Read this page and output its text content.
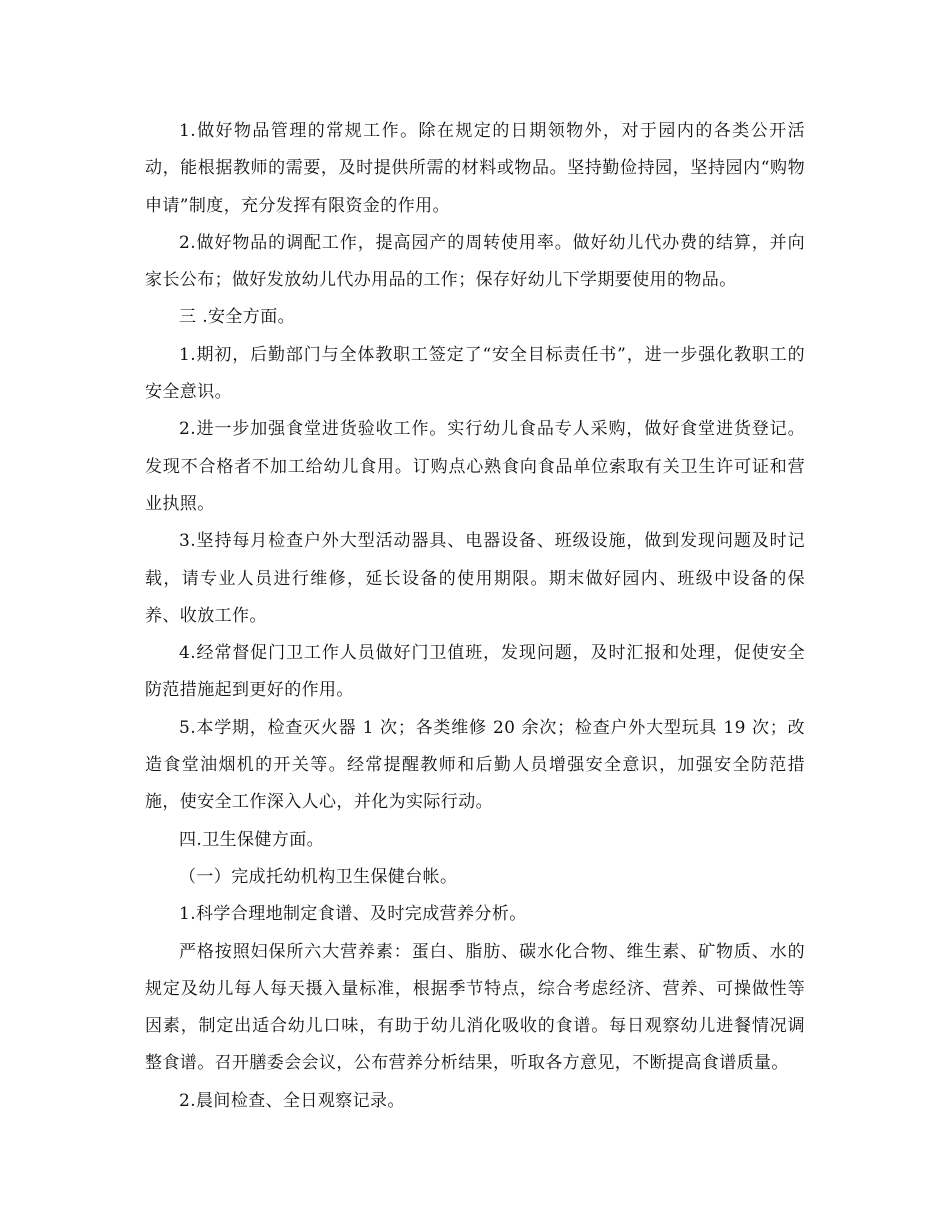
1.做好物品管理的常规工作。除在规定的日期领物外，对于园内的各类公开活动，能根据教师的需要，及时提供所需的材料或物品。坚持勤俭持园，坚持园内“购物申请”制度，充分发挥有限资金的作用。

2.做好物品的调配工作，提高园产的周转使用率。做好幼儿代办费的结算，并向家长公布；做好发放幼儿代办用品的工作；保存好幼儿下学期要使用的物品。

三 .安全方面。

1.期初，后勤部门与全体教职工签定了“安全目标责任书”，进一步强化教职工的安全意识。

2.进一步加强食堂进货验收工作。实行幼儿食品专人采购，做好食堂进货登记。发现不合格者不加工给幼儿食用。订购点心熟食向食品单位索取有关卫生许可证和营业执照。

3.坚持每月检查户外大型活动器具、电器设备、班级设施，做到发现问题及时记载，请专业人员进行维修，延长设备的使用期限。期末做好园内、班级中设备的保养、收放工作。

4.经常督促门卫工作人员做好门卫值班，发现问题，及时汇报和处理，促使安全防范措施起到更好的作用。

5.本学期，检查灭火器 1 次；各类维修 20 余次；检查户外大型玩具 19 次；改造食堂油烟机的开关等。经常提醒教师和后勤人员增强安全意识，加强安全防范措施，使安全工作深入人心，并化为实际行动。

四.卫生保健方面。

（一）完成托幼机构卫生保健台帐。

1.科学合理地制定食谱、及时完成营养分析。

严格按照妇保所六大营养素：蛋白、脂肪、碳水化合物、维生素、矿物质、水的规定及幼儿每人每天摄入量标准，根据季节特点，综合考虑经济、营养、可操做性等因素，制定出适合幼儿口味，有助于幼儿消化吸收的食谱。每日观察幼儿进餐情况调整食谱。召开膳委会会议，公布营养分析结果，听取各方意见，不断提高食谱质量。

2.晨间检查、全日观察记录。
